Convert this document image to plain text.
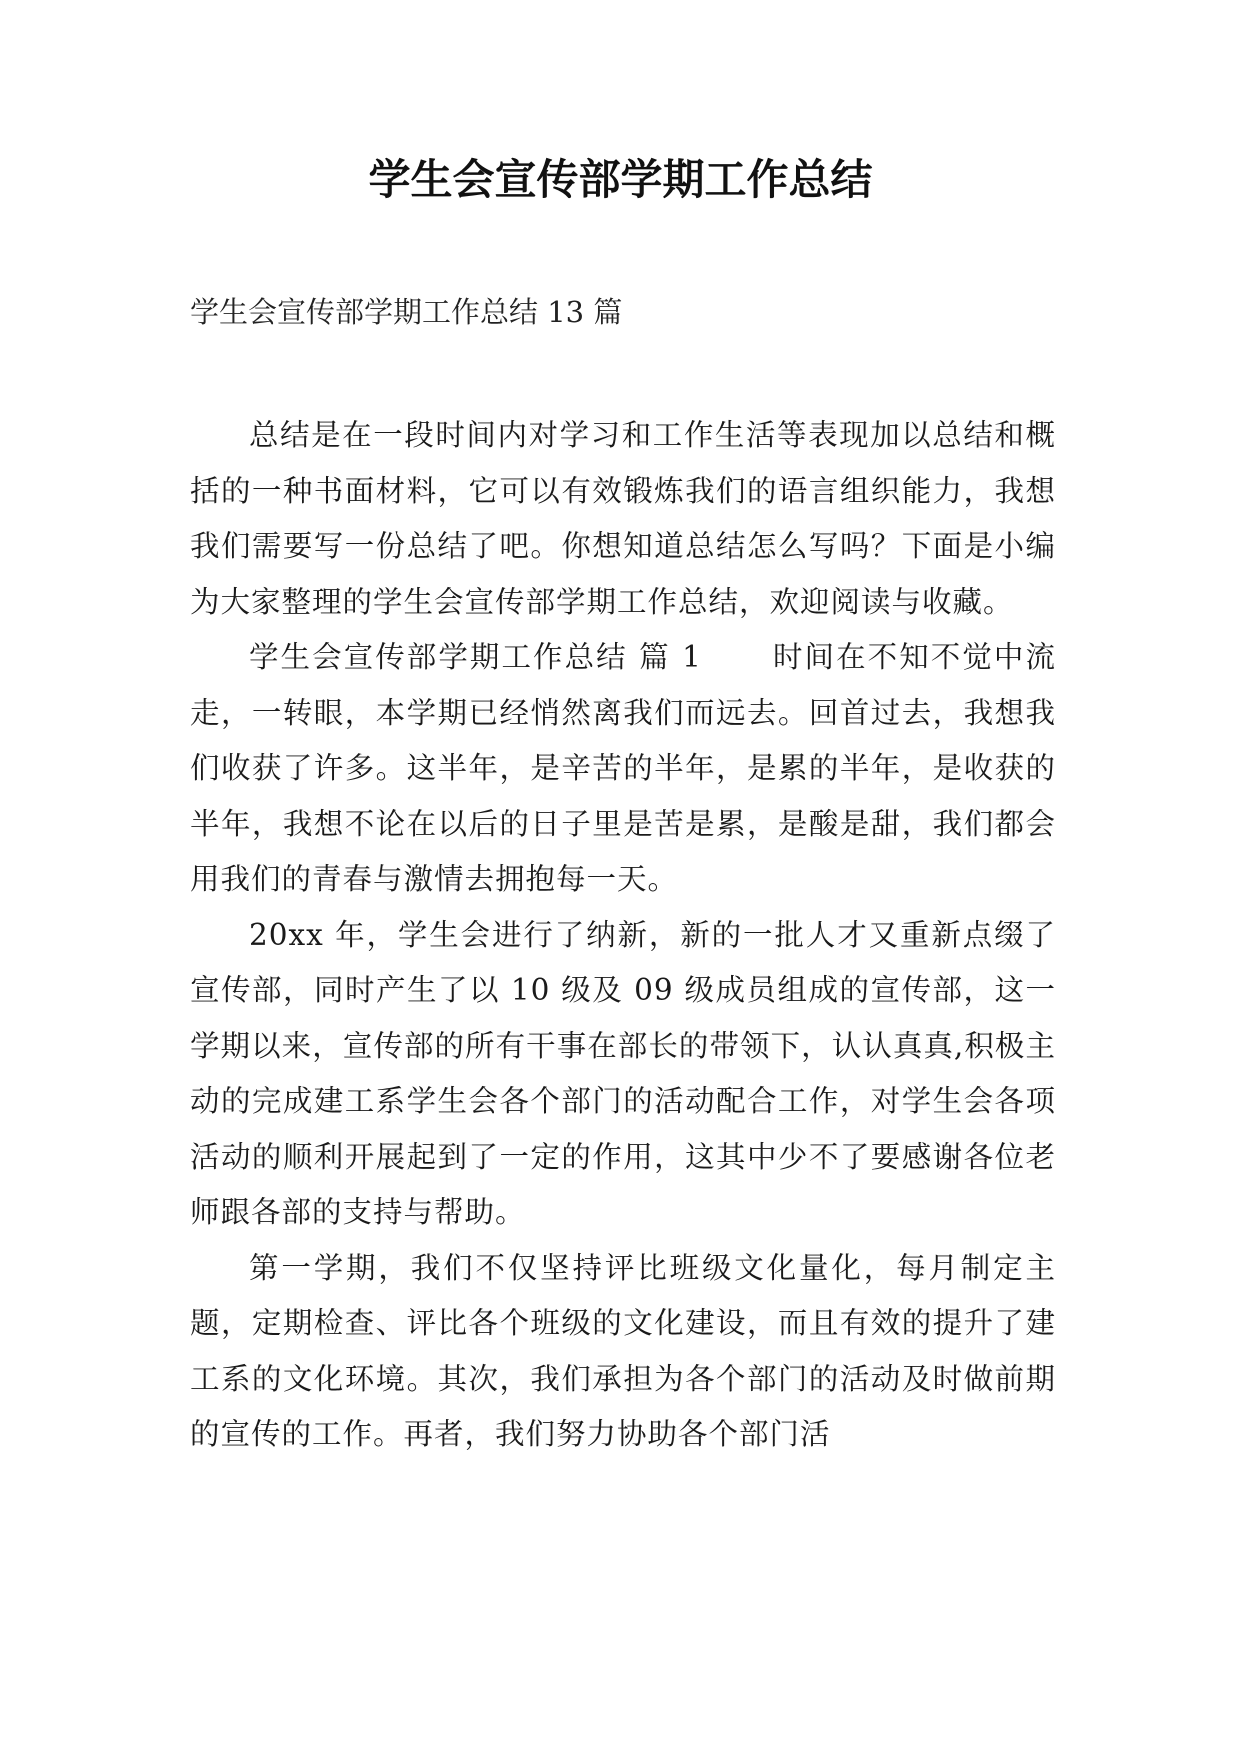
学生会宣传部学期工作总结

学生会宣传部学期工作总结 13 篇

总结是在一段时间内对学习和工作生活等表现加以总结和概括的一种书面材料，它可以有效锻炼我们的语言组织能力，我想我们需要写一份总结了吧。你想知道总结怎么写吗？下面是小编为大家整理的学生会宣传部学期工作总结，欢迎阅读与收藏。

学生会宣传部学期工作总结 篇 1 时间在不知不觉中流走，一转眼，本学期已经悄然离我们而远去。回首过去，我想我们收获了许多。这半年，是辛苦的半年，是累的半年，是收获的半年，我想不论在以后的日子里是苦是累，是酸是甜，我们都会用我们的青春与激情去拥抱每一天。

20xx 年，学生会进行了纳新，新的一批人才又重新点缀了宣传部，同时产生了以 10 级及 09 级成员组成的宣传部，这一学期以来，宣传部的所有干事在部长的带领下，认认真真,积极主动的完成建工系学生会各个部门的活动配合工作，对学生会各项活动的顺利开展起到了一定的作用，这其中少不了要感谢各位老师跟各部的支持与帮助。

第一学期，我们不仅坚持评比班级文化量化，每月制定主题，定期检查、评比各个班级的文化建设，而且有效的提升了建工系的文化环境。其次，我们承担为各个部门的活动及时做前期的宣传的工作。再者，我们努力协助各个部门活
